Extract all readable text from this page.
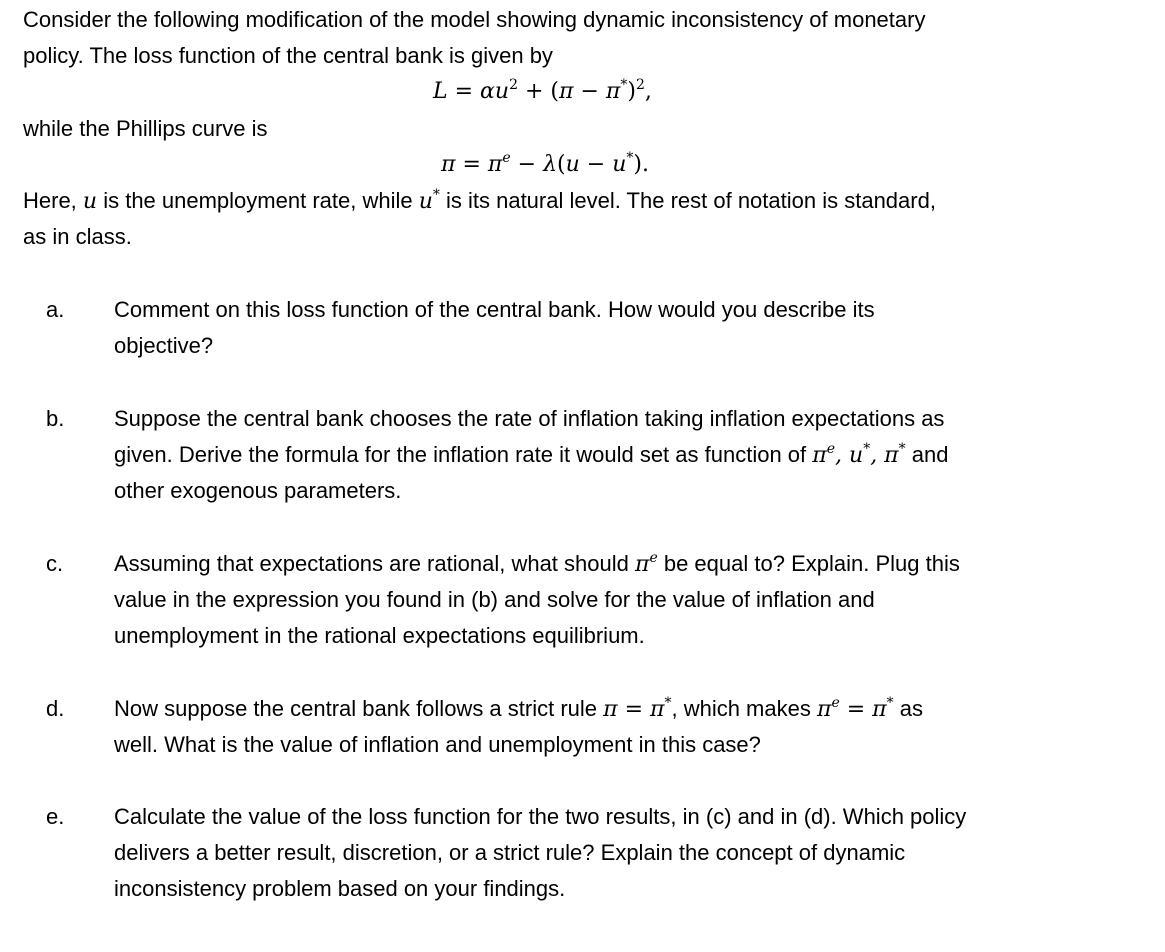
Consider the following modification of the model showing dynamic inconsistency of monetary
policy. The loss function of the central bank is given by
$L = \alpha u^2 + (\pi - \pi^*)^2$,
while the Phillips curve is
$\pi = \pi^e - \lambda(u - u^*)$.
Here, u is the unemployment rate, while u* is its natural level. The rest of notation is standard,
as in class.
a. Comment on this loss function of the central bank. How would you describe its
objective?
b. Suppose the central bank chooses the rate of inflation taking inflation expectations as
given. Derive the formula for the inflation rate it would set as function of $\pi^e$, u*, π* and
other exogenous parameters.
c. Assuming that expectations are rational, what should $\pi^e$ be equal to? Explain. Plug this
value in the expression you found in (b) and solve for the value of inflation and
unemployment in the rational expectations equilibrium.
d. Now suppose the central bank follows a strict rule π = π*, which makes $\pi^e = \pi^*$ as
well. What is the value of inflation and unemployment in this case?
e. Calculate the value of the loss function for the two results, in (c) and in (d). Which policy
delivers a better result, discretion, or a strict rule? Explain the concept of dynamic
inconsistency problem based on your findings.
